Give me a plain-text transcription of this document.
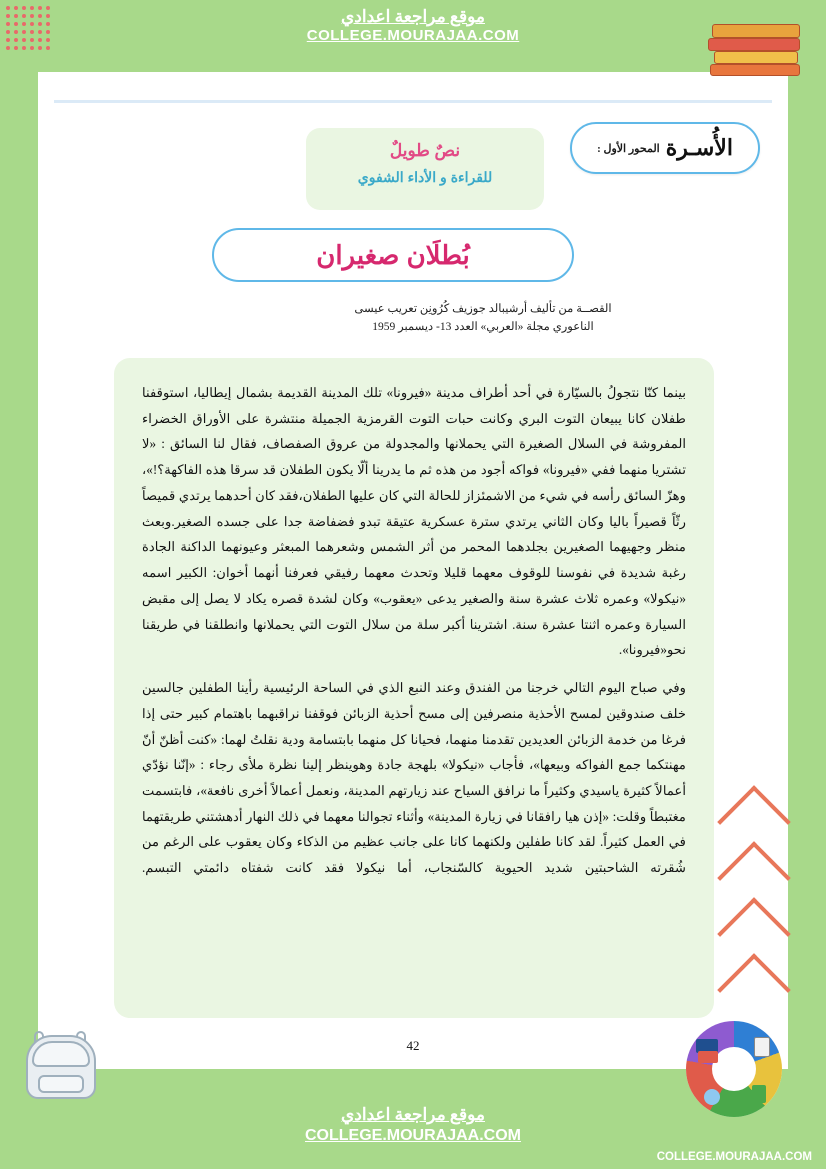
موقع مراجعة اعدادي
COLLEGE.MOURAJAA.COM
الأُسـرة
المحور الأول :
نصٌ طويلٌ
للقراءة و الأداء الشفوي
بُطلَان صغيران
القصــة من تأليف أرشيبالد جوزيف كُرُونِن تعريب عيسى
الناعوري مجلة «العربي» العدد 13- ديسمبر 1959

بينما كنّا نتجولُ بالسيّارة في أحد أطراف مدينة «فيرونا» تلك المدينة القديمة بشمال إيطاليا، استوقفنا طفلان كانا يبيعان التوت البري وكانت حبات التوت القرمزية الجميلة منتشرة على الأوراق الخضراء المفروشة في السلال الصغيرة التي يحملانها والمجدولة من عروق الصفصاف، فقال لنا السائق : «لا تشتريا منهما ففي «فيرونا» فواكه أجود من هذه ثم ما يدرينا ألّا يكون الطفلان قد سرقا هذه الفاكهة؟!»، وهزّ السائق رأسه في شيء من الاشمئزاز للحالة التي كان عليها الطفلان،فقد كان أحدهما يرتدي قميصاً رثّاً قصيراً باليا وكان الثاني يرتدي سترة عسكرية عتيقة تبدو فضفاضة جدا على جسده الصغير.وبعث منظر وجهيهما الصغيرين بجلدهما المحمر من أثر الشمس وشعرهما المبعثر وعيونهما الداكنة الجادة رغبة شديدة في نفوسنا للوقوف معهما قليلا وتحدث معهما رفيقي فعرفنا أنهما أخوان: الكبير اسمه «نيكولا» وعمره ثلاث عشرة سنة والصغير يدعى «يعقوب» وكان لشدة قصره يكاد لا يصل إلى مقبض السيارة وعمره اثنتا عشرة سنة. اشترينا أكبر سلة من سلال التوت التي يحملانها وانطلقنا في طريقنا نحو«فيرونا».

وفي صباح اليوم التالي خرجنا من الفندق وعند النبع الذي في الساحة الرئيسية رأينا الطفلين جالسين خلف صندوقين لمسح الأحذية منصرفين إلى مسح أحذية الزبائن فوقفنا نراقبهما باهتمام كبير حتى إذا فرغا من خدمة الزبائن العديدين تقدمنا منهما، فحيانا كل منهما بابتسامة ودية نقلتُ لهما: «كنت أظنّ أنّ مهنتكما جمع الفواكه وبيعها»، فأجاب «نيكولا» بلهجة جادة وهوينظر إلينا نظرة ملأى رجاء : «إنّنا نؤدّي أعمالاً كثيرة ياسيدي وكثيراً ما نرافق السياح عند زيارتهم المدينة، ونعمل أعمالاً أخرى نافعة»، فابتسمت مغتبطاً وقلت: «إذن هيا رافقانا في زيارة المدينة» وأثناء تجوالنا معهما في ذلك النهار أدهشتني طريقتهما في العمل كثيراً. لقد كانا طفلين ولكنهما كانا على جانب عظيم من الذكاء وكان يعقوب على الرغم من شُقرته الشاحبتين شديد الحيوية كالسّنجاب، أما نيكولا فقد كانت شفتاه دائمتي التبسم.

42
موقع مراجعة اعدادي
COLLEGE.MOURAJAA.COM
COLLEGE.MOURAJAA.COM
